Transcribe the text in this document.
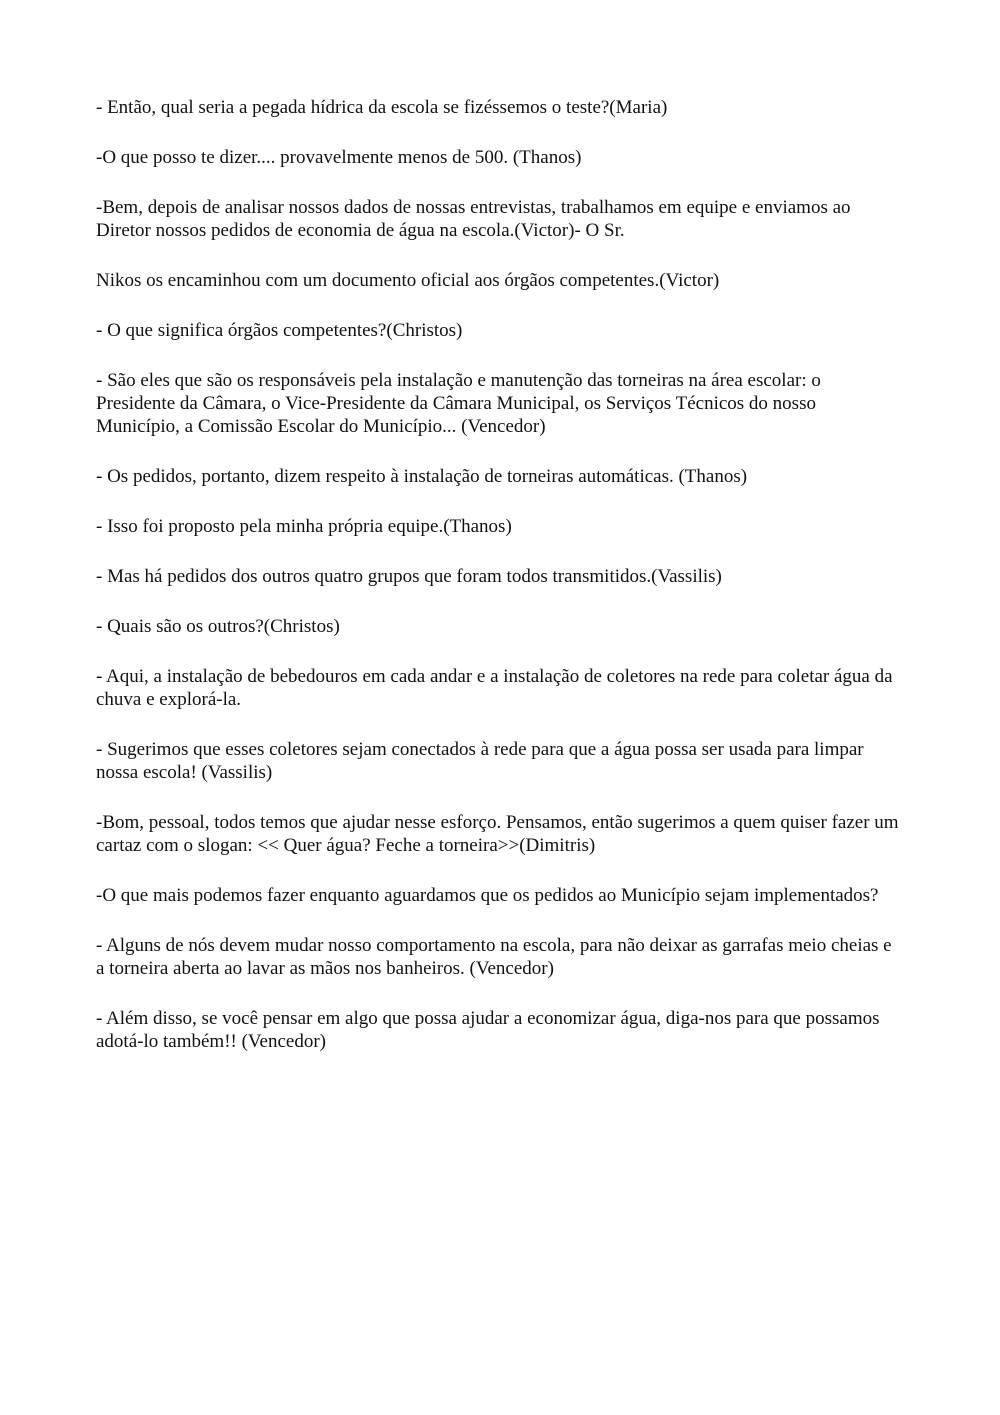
- Então, qual seria a pegada hídrica da escola se fizéssemos o teste?(Maria)

-O que posso te dizer.... provavelmente menos de 500. (Thanos)

-Bem, depois de analisar nossos dados de nossas entrevistas, trabalhamos em equipe e enviamos ao Diretor nossos pedidos de economia de água na escola.(Victor)- O Sr.

Nikos os encaminhou com um documento oficial aos órgãos competentes.(Victor)

- O que significa órgãos competentes?(Christos)

- São eles que são os responsáveis pela instalação e manutenção das torneiras na área escolar: o Presidente da Câmara, o Vice-Presidente da Câmara Municipal, os Serviços Técnicos do nosso Município, a Comissão Escolar do Município... (Vencedor)

- Os pedidos, portanto, dizem respeito à instalação de torneiras automáticas. (Thanos)

- Isso foi proposto pela minha própria equipe.(Thanos)

- Mas há pedidos dos outros quatro grupos que foram todos transmitidos.(Vassilis)

- Quais são os outros?(Christos)

- Aqui, a instalação de bebedouros em cada andar e a instalação de coletores na rede para coletar água da chuva e explorá-la.

- Sugerimos que esses coletores sejam conectados à rede para que a água possa ser usada para limpar nossa escola! (Vassilis)

-Bom, pessoal, todos temos que ajudar nesse esforço. Pensamos, então sugerimos a quem quiser fazer um cartaz com o slogan: << Quer água? Feche a torneira>>(Dimitris)

-O que mais podemos fazer enquanto aguardamos que os pedidos ao Município sejam implementados?

- Alguns de nós devem mudar nosso comportamento na escola, para não deixar as garrafas meio cheias e a torneira aberta ao lavar as mãos nos banheiros. (Vencedor)

- Além disso, se você pensar em algo que possa ajudar a economizar água, diga-nos para que possamos adotá-lo também!! (Vencedor)
